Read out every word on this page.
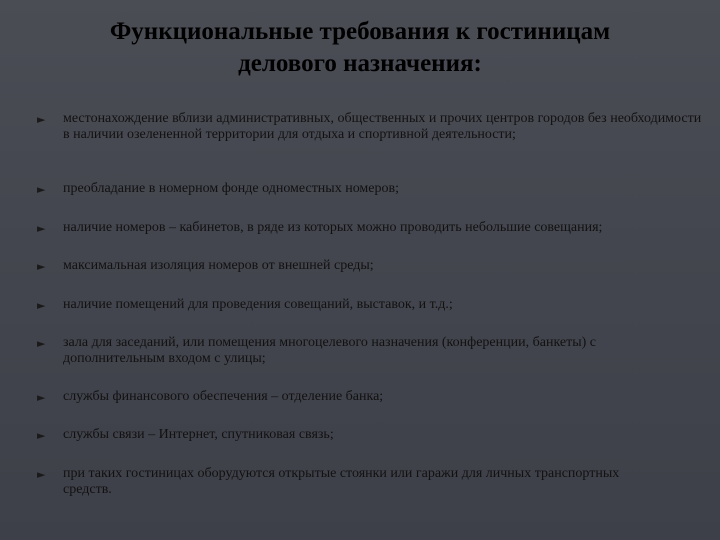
Функциональные требования к гостиницам
делового назначения:
► местонахождение вблизи административных, общественных и прочих центров городов без необходимости в наличии озелененной территории для отдыха и спортивной деятельности;
► преобладание в номерном фонде одноместных номеров;
► наличие номеров – кабинетов, в ряде из которых можно проводить небольшие совещания;
► максимальная изоляция номеров от внешней среды;
► наличие помещений для проведения совещаний, выставок, и т.д.;
► зала для заседаний, или помещения многоцелевого назначения (конференции, банкеты) с дополнительным входом с улицы;
► службы финансового обеспечения – отделение банка;
► службы связи – Интернет, спутниковая связь;
► при таких гостиницах оборудуются открытые стоянки или гаражи для личных транспортных средств.
